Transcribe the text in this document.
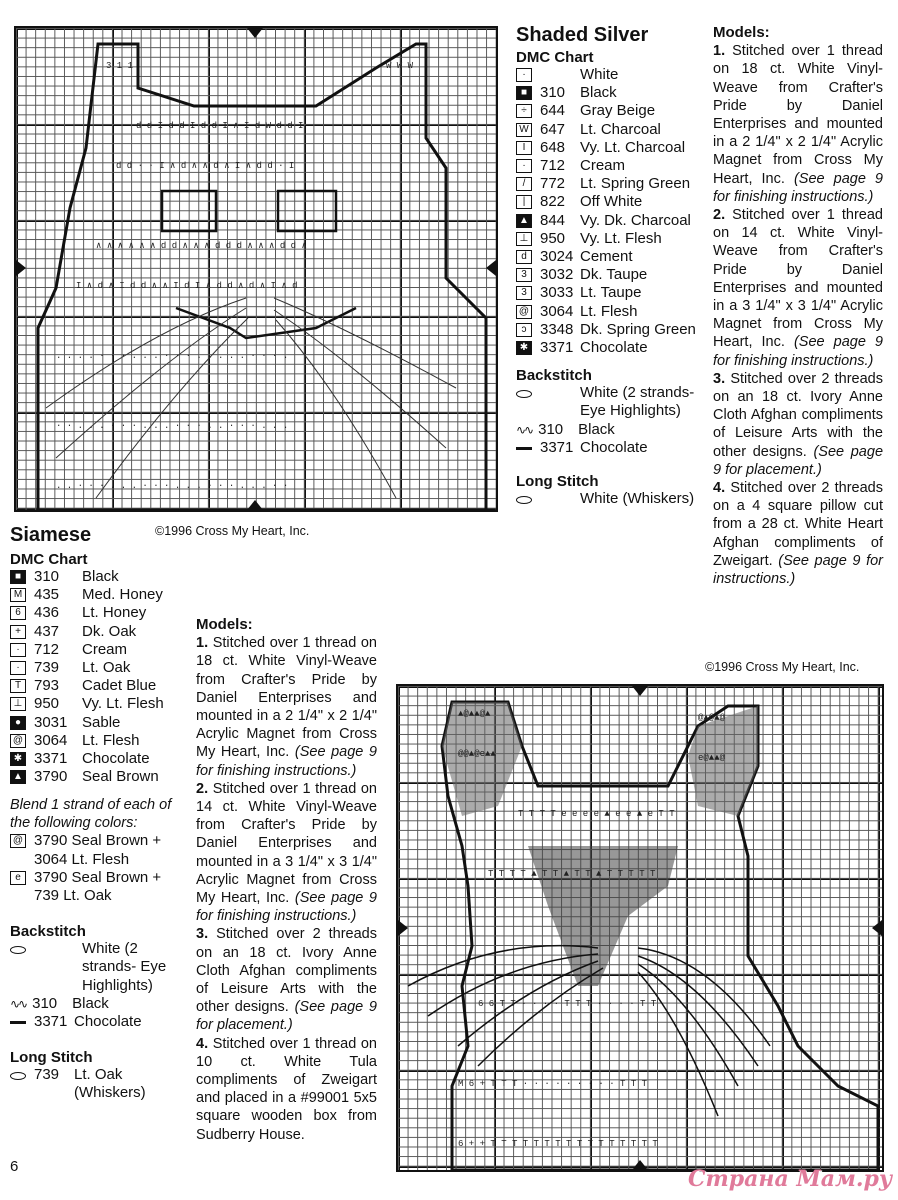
3 1 1	W W W
d d I d d I d d I ∧ I d W d d I
d d · · I ∧ d ∧ ∧ d ∧ I ∧ d d · I
∧ ∧ ∧ ∧ ∧ ∧ d d ∧ ∧ ∧ d d d ∧ ∧ ∧ d d ∧
I ∧ d ∧ I d d ∧ ∧ I d I ∧ d d ∧ d ∧ I ∧ d
. . . . · · · . . . · · · . . . . . · · · .
· · . . . · · · . . . · · · . . · · · . . .
. . · · · . . . · · · . . . · · · . . . · ·
Shaded Silver
DMC Chart
·	White
■ 310 Black
÷ 644 Gray Beige
W 647 Lt. Charcoal
I 648 Vy. Lt. Charcoal
· 712 Cream
/ 772 Lt. Spring Green
| 822 Off White
▲ 844 Vy. Dk. Charcoal
⊥ 950 Vy. Lt. Flesh
d 3024 Cement
3 3032 Dk. Taupe
3 3033 Lt. Taupe
@ 3064 Lt. Flesh
ɔ 3348 Dk. Spring Green
✱ 3371 Chocolate
Backstitch
White (2 strands- Eye Highlights)
∿∿ 310 Black
3371 Chocolate
Long Stitch
White (Whiskers)
Models:

1. Stitched over 1 thread on 18 ct. White Vinyl-Weave from Crafter's Pride by Daniel Enterprises and mounted in a 2 1/4" x 2 1/4" Acrylic Magnet from Cross My Heart, Inc. (See page 9 for finishing instructions.)

2. Stitched over 1 thread on 14 ct. White Vinyl-Weave from Crafter's Pride by Daniel Enterprises and mounted in a 3 1/4" x 3 1/4" Acrylic Magnet from Cross My Heart, Inc. (See page 9 for finishing instructions.)

3. Stitched over 2 threads on an 18 ct. Ivory Anne Cloth Afghan compliments of Leisure Arts with the other designs. (See page 9 for placement.)

4. Stitched over 2 threads on a 4 square pillow cut from a 28 ct. White Heart Afghan compliments of Zweigart. (See page 9 for instructions.)

©1996 Cross My Heart, Inc.
Siamese
DMC Chart
■ 310	Black
M 435	Med. Honey
6 436	Lt. Honey
+ 437	Dk. Oak
· 712	Cream
· 739	Lt. Oak
T 793	Cadet Blue
⊥ 950	Vy. Lt. Flesh
● 3031 Sable
@ 3064 Lt. Flesh
✱ 3371 Chocolate
▲ 3790 Seal Brown
Blend 1 strand of each of the following colors:
@ 3790 Seal Brown +
3064 Lt. Flesh
e 3790 Seal Brown +
739 Lt. Oak
Backstitch
White (2 strands- Eye Highlights)
∿∿ 310 Black
3371 Chocolate
Long Stitch
739 Lt. Oak (Whiskers)
Models:

1. Stitched over 1 thread on 18 ct. White Vinyl-Weave from Crafter's Pride by Daniel Enterprises and mounted in a 2 1/4" x 2 1/4" Acrylic Magnet from Cross My Heart, Inc. (See page 9 for finishing instructions.)

2. Stitched over 1 thread on 14 ct. White Vinyl-Weave from Crafter's Pride by Daniel Enterprises and mounted in a 3 1/4" x 3 1/4" Acrylic Magnet from Cross My Heart, Inc. (See page 9 for finishing instructions.)

3. Stitched over 2 threads on an 18 ct. Ivory Anne Cloth Afghan compliments of Leisure Arts with the other designs. (See page 9 for placement.)

4. Stitched over 1 thread on 10 ct. White Tula compliments of Zweigart and placed in a #99001 5x5 square wooden box from Sudberry House.

©1996 Cross My Heart, Inc.
▲@▲▲@▲	@▲@▲@
@@▲@e▲▲	e@▲▲@
T T T T e e e e ▲ e e ▲ e T T
T T T T ▲ T T ▲ T T ▲ T T T T T
6 6 T T · · · · T T T · · · · T T
M 6 + T T T · · · · · · · · · T T T
6 + + T T T T T T T T T T T T T T T T
6	Страна Мам.ру
